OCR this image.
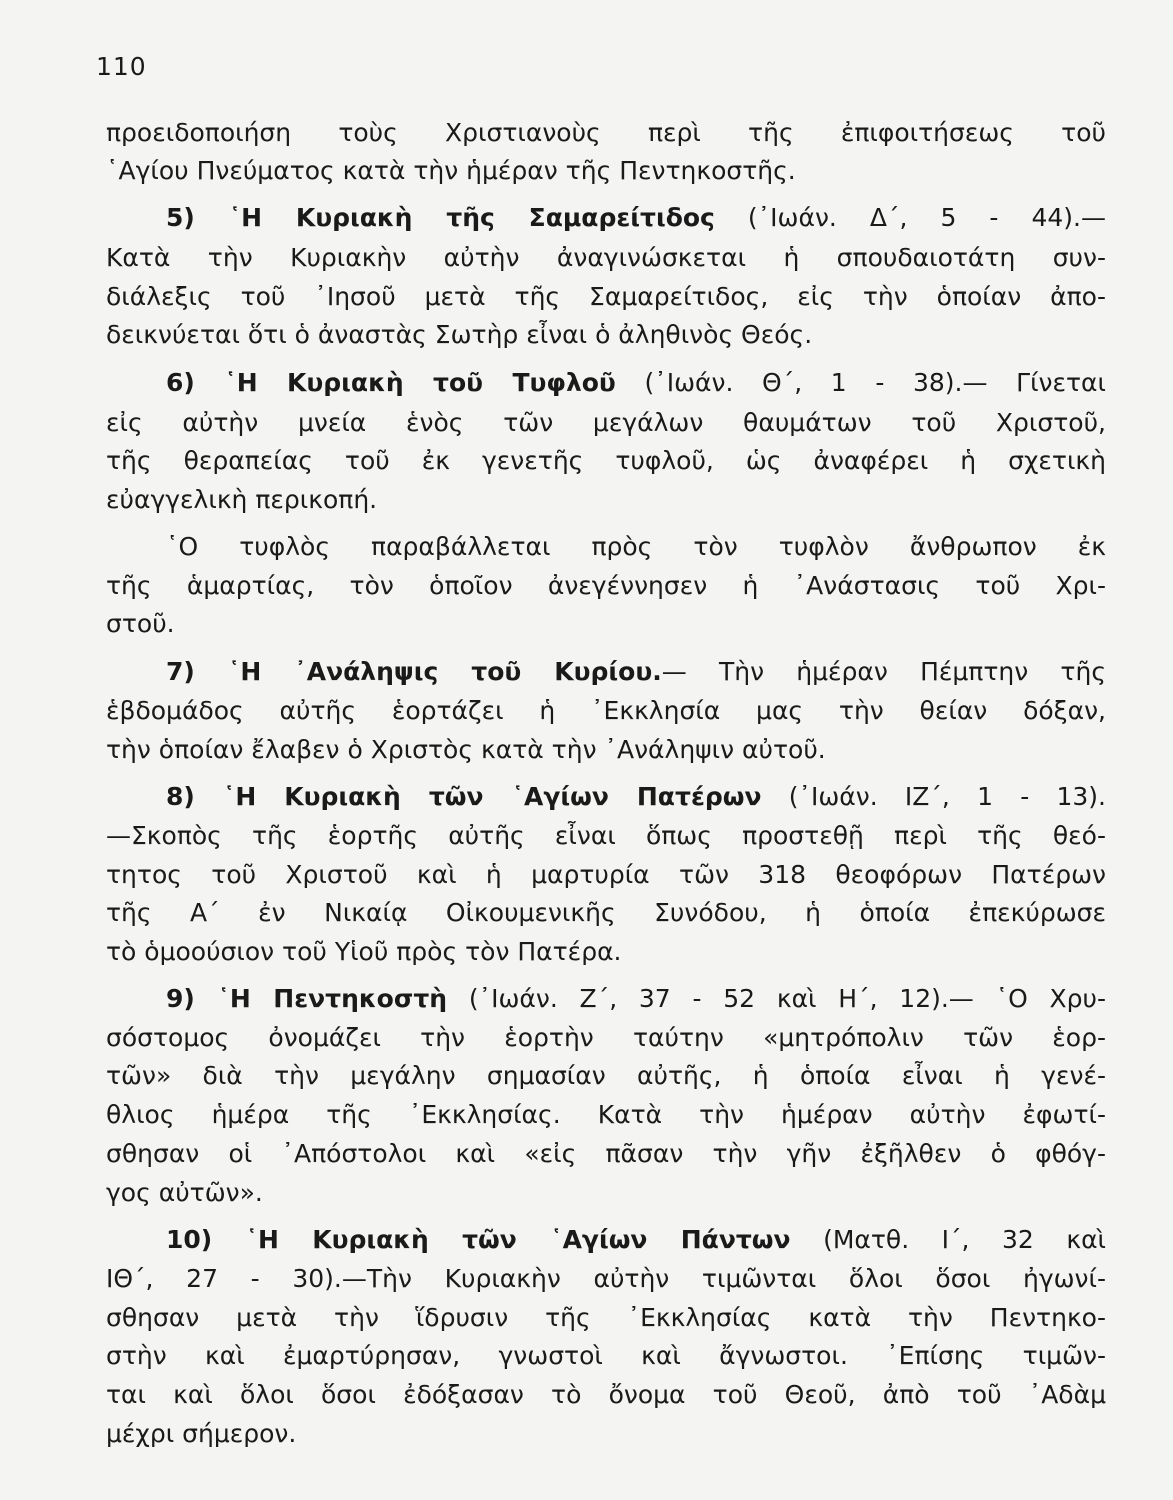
110
προειδοποιήση τοὺς Χριστιανοὺς περὶ τῆς ἐπιφοιτήσεως τοῦ
῾Αγίου Πνεύματος κατὰ τὴν ἡμέραν τῆς Πεντηκοστῆς.
5) ῾Η Κυριακὴ τῆς Σαμαρείτιδος (᾿Ιωάν. Δ΄, 5 - 44).—
Κατὰ τὴν Κυριακὴν αὐτὴν ἀναγινώσκεται ἡ σπουδαιοτάτη συν-
διάλεξις τοῦ ᾿Ιησοῦ μετὰ τῆς Σαμαρείτιδος, εἰς τὴν ὁποίαν ἀπο-
δεικνύεται ὅτι ὁ ἀναστὰς Σωτὴρ εἶναι ὁ ἀληθινὸς Θεός.
6) ῾Η Κυριακὴ τοῦ Τυφλοῦ (᾿Ιωάν. Θ΄, 1 - 38).— Γίνεται
εἰς αὐτὴν μνεία ἑνὸς τῶν μεγάλων θαυμάτων τοῦ Χριστοῦ,
τῆς θεραπείας τοῦ ἐκ γενετῆς τυφλοῦ, ὡς ἀναφέρει ἡ σχετικὴ
εὐαγγελικὴ περικοπή.
῾Ο τυφλὸς παραβάλλεται πρὸς τὸν τυφλὸν ἄνθρωπον ἐκ
τῆς ἁμαρτίας, τὸν ὁποῖον ἀνεγέννησεν ἡ ᾿Ανάστασις τοῦ Χρι-
στοῦ.
7) ῾Η ᾿Ανάληψις τοῦ Κυρίου.— Τὴν ἡμέραν Πέμπτην τῆς
ἑβδομάδος αὐτῆς ἑορτάζει ἡ ᾿Εκκλησία μας τὴν θείαν δόξαν,
τὴν ὁποίαν ἔλαβεν ὁ Χριστὸς κατὰ τὴν ᾿Ανάληψιν αὐτοῦ.
8) ῾Η Κυριακὴ τῶν ῾Αγίων Πατέρων (᾿Ιωάν. ΙΖ΄, 1 - 13).
—Σκοπὸς τῆς ἑορτῆς αὐτῆς εἶναι ὅπως προστεθῇ περὶ τῆς θεό-
τητος τοῦ Χριστοῦ καὶ ἡ μαρτυρία τῶν 318 θεοφόρων Πατέρων
τῆς Α΄ ἐν Νικαίᾳ Οἰκουμενικῆς Συνόδου, ἡ ὁποία ἐπεκύρωσε
τὸ ὁμοούσιον τοῦ Υἱοῦ πρὸς τὸν Πατέρα.
9) ῾Η Πεντηκοστὴ (᾿Ιωάν. Ζ΄, 37 - 52 καὶ Η΄, 12).— ῾Ο Χρυ-
σόστομος ὀνομάζει τὴν ἑορτὴν ταύτην «μητρόπολιν τῶν ἑορ-
τῶν» διὰ τὴν μεγάλην σημασίαν αὐτῆς, ἡ ὁποία εἶναι ἡ γενέ-
θλιος ἡμέρα τῆς ᾿Εκκλησίας. Κατὰ τὴν ἡμέραν αὐτὴν ἐφωτί-
σθησαν οἱ ᾿Απόστολοι καὶ «εἰς πᾶσαν τὴν γῆν ἐξῆλθεν ὁ φθόγ-
γος αὐτῶν».
10) ῾Η Κυριακὴ τῶν ῾Αγίων Πάντων (Ματθ. Ι΄, 32 καὶ
ΙΘ΄, 27 - 30).—Τὴν Κυριακὴν αὐτὴν τιμῶνται ὅλοι ὅσοι ἠγωνί-
σθησαν μετὰ τὴν ἵδρυσιν τῆς ᾿Εκκλησίας κατὰ τὴν Πεντηκο-
στὴν καὶ ἐμαρτύρησαν, γνωστοὶ καὶ ἄγνωστοι. ᾿Επίσης τιμῶν-
ται καὶ ὅλοι ὅσοι ἐδόξασαν τὸ ὄνομα τοῦ Θεοῦ, ἀπὸ τοῦ ᾿Αδὰμ
μέχρι σήμερον.
